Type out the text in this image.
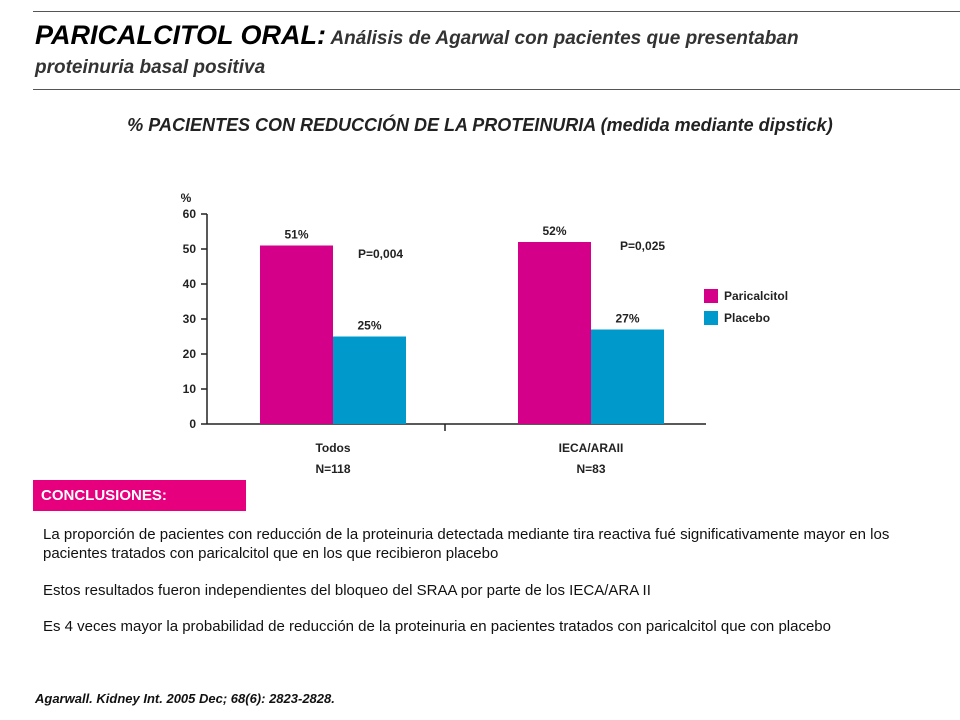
PARICALCITOL ORAL: Análisis de Agarwal con pacientes que presentaban
proteinuria basal positiva
% PACIENTES CON REDUCCIÓN DE LA PROTEINURIA (medida mediante dipstick)
0
10
20
30
40
50
60
%
51%
25%
Todos
N=118
52%
27%
IECA/ARAII
N=83
P=0,004
P=0,025
Paricalcitol
Placebo
CONCLUSIONES:
La proporción de pacientes con reducción de la proteinuria detectada mediante tira reactiva fué significativamente mayor en los pacientes tratados con paricalcitol que en los que recibieron placebo
Estos resultados fueron independientes del bloqueo del SRAA por parte de los IECA/ARA II
Es 4 veces mayor la probabilidad de reducción de la proteinuria en pacientes tratados con paricalcitol que con placebo
Agarwall. Kidney Int. 2005 Dec; 68(6): 2823-2828.
